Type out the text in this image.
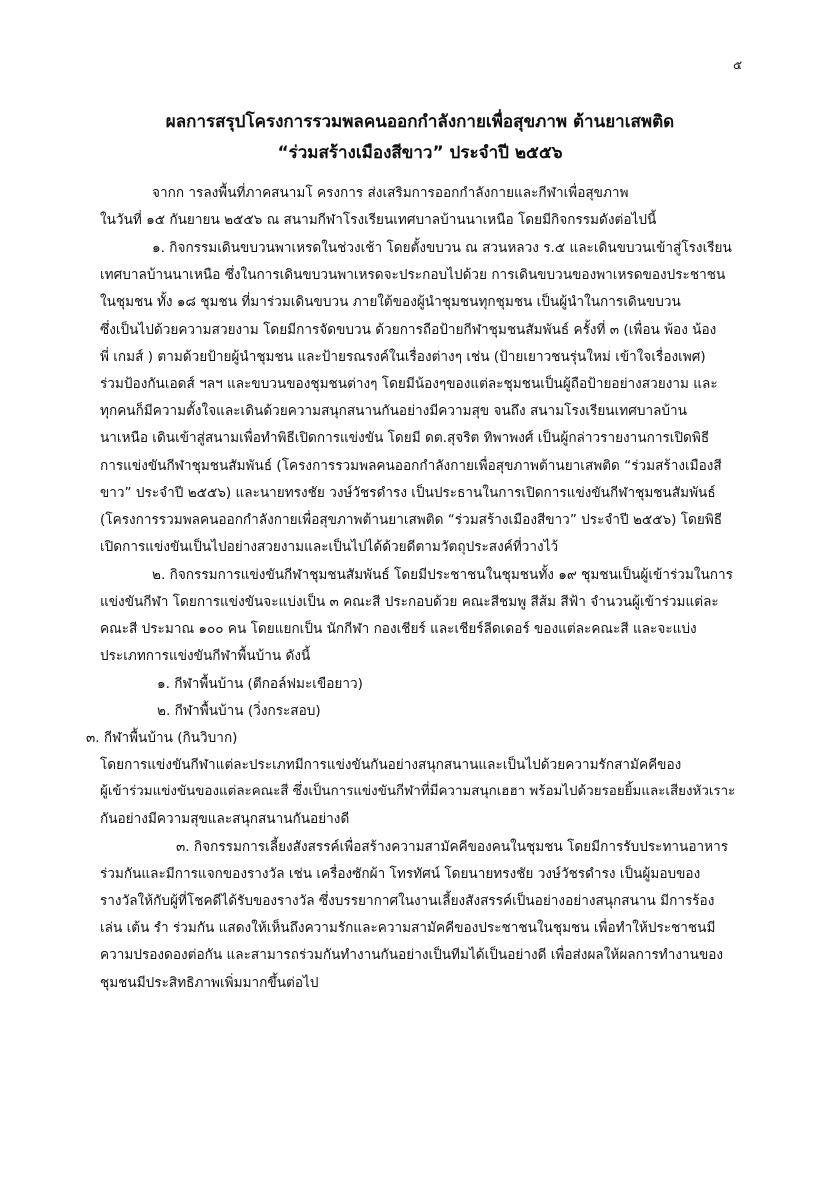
๕
ผลการสรุปโครงการรวมพลคนออกกำลังกายเพื่อสุขภาพ ต้านยาเสพติด
“ร่วมสร้างเมืองสีขาว” ประจำปี ๒๕๕๖
จากก ารลงพื้นที่ภาคสนามโ ครงการ ส่งเสริมการออกกำลังกายและกีฬาเพื่อสุขภาพ
ในวันที่ ๑๕ กันยายน ๒๕๕๖ ณ สนามกีฬาโรงเรียนเทศบาลบ้านนาเหนือ โดยมีกิจกรรมดังต่อไปนี้
๑. กิจกรรมเดินขบวนพาเหรดในช่วงเช้า โดยตั้งขบวน ณ สวนหลวง ร.๕ และเดินขบวนเข้าสู่โรงเรียน
เทศบาลบ้านนาเหนือ ซึ่งในการเดินขบวนพาเหรดจะประกอบไปด้วย การเดินขบวนของพาเหรดของประชาชน
ในชุมชน ทั้ง ๑๘ ชุมชน ที่มาร่วมเดินขบวน ภายใต้ของผู้นำชุมชนทุกชุมชน เป็นผู้นำในการเดินขบวน
ซึ่งเป็นไปด้วยความสวยงาม โดยมีการจัดขบวน ด้วยการถือป้ายกีฬาชุมชนสัมพันธ์ ครั้งที่ ๓ (เพื่อน พ้อง น้อง
พี่ เกมส์ ) ตามด้วยป้ายผู้นำชุมชน และป้ายรณรงค์ในเรื่องต่างๆ เช่น (ป้ายเยาวชนรุ่นใหม่ เข้าใจเรื่องเพศ)
ร่วมป้องกันเอดส์ ฯลฯ และขบวนของชุมชนต่างๆ โดยมีน้องๆของแต่ละชุมชนเป็นผู้ถือป้ายอย่างสวยงาม และ
ทุกคนก็มีความตั้งใจและเดินด้วยความสนุกสนานกันอย่างมีความสุข จนถึง สนามโรงเรียนเทศบาลบ้าน
นาเหนือ เดินเข้าสู่สนามเพื่อทำพิธีเปิดการแข่งขัน โดยมี ดต.สุจริต ทิพาพงศ์ เป็นผู้กล่าวรายงานการเปิดพิธี
การแข่งขันกีฬาชุมชนสัมพันธ์ (โครงการรวมพลคนออกกำลังกายเพื่อสุขภาพต้านยาเสพติด “ร่วมสร้างเมืองสี
ขาว” ประจำปี ๒๕๕๖) และนายทรงชัย วงษ์วัชรดำรง เป็นประธานในการเปิดการแข่งขันกีฬาชุมชนสัมพันธ์
(โครงการรวมพลคนออกกำลังกายเพื่อสุขภาพต้านยาเสพติด “ร่วมสร้างเมืองสีขาว” ประจำปี ๒๕๕๖) โดยพิธี
เปิดการแข่งขันเป็นไปอย่างสวยงามและเป็นไปได้ด้วยดีตามวัตถุประสงค์ที่วางไว้
๒. กิจกรรมการแข่งขันกีฬาชุมชนสัมพันธ์ โดยมีประชาชนในชุมชนทั้ง ๑๙ ชุมชนเป็นผู้เข้าร่วมในการ
แข่งขันกีฬา โดยการแข่งขันจะแบ่งเป็น ๓ คณะสี ประกอบด้วย คณะสีชมพู สีส้ม สีฟ้า จำนวนผู้เข้าร่วมแต่ละ
คณะสี ประมาณ ๑๐๐ คน โดยแยกเป็น นักกีฬา กองเชียร์ และเชียร์ลีดเดอร์ ของแต่ละคณะสี และจะแบ่ง
ประเภทการแข่งขันกีฬาพื้นบ้าน ดังนี้
๑. กีฬาพื้นบ้าน (ตีกอล์ฟมะเขือยาว)
๒. กีฬาพื้นบ้าน (วิ่งกระสอบ)
๓. กีฬาพื้นบ้าน (กินวิบาก)
โดยการแข่งขันกีฬาแต่ละประเภทมีการแข่งขันกันอย่างสนุกสนานและเป็นไปด้วยความรักสามัคคีของ
ผู้เข้าร่วมแข่งขันของแต่ละคณะสี ซึ่งเป็นการแข่งขันกีฬาที่มีความสนุกเฮฮา พร้อมไปด้วยรอยยิ้มและเสียงหัวเราะ
กันอย่างมีความสุขและสนุกสนานกันอย่างดี
๓. กิจกรรมการเลี้ยงสังสรรค์เพื่อสร้างความสามัคคีของคนในชุมชน โดยมีการรับประทานอาหาร
ร่วมกันและมีการแจกของรางวัล เช่น เครื่องซักผ้า โทรทัศน์ โดยนายทรงชัย วงษ์วัชรดำรง เป็นผู้มอบของ
รางวัลให้กับผู้ที่โชคดีได้รับของรางวัล ซึ่งบรรยากาศในงานเลี้ยงสังสรรค์เป็นอย่างอย่างสนุกสนาน มีการร้อง
เล่น เต้น รำ ร่วมกัน แสดงให้เห็นถึงความรักและความสามัคคีของประชาชนในชุมชน เพื่อทำให้ประชาชนมี
ความปรองดองต่อกัน และสามารถร่วมกันทำงานกันอย่างเป็นทีมได้เป็นอย่างดี เพื่อส่งผลให้ผลการทำงานของ
ชุมชนมีประสิทธิภาพเพิ่มมากขึ้นต่อไป
